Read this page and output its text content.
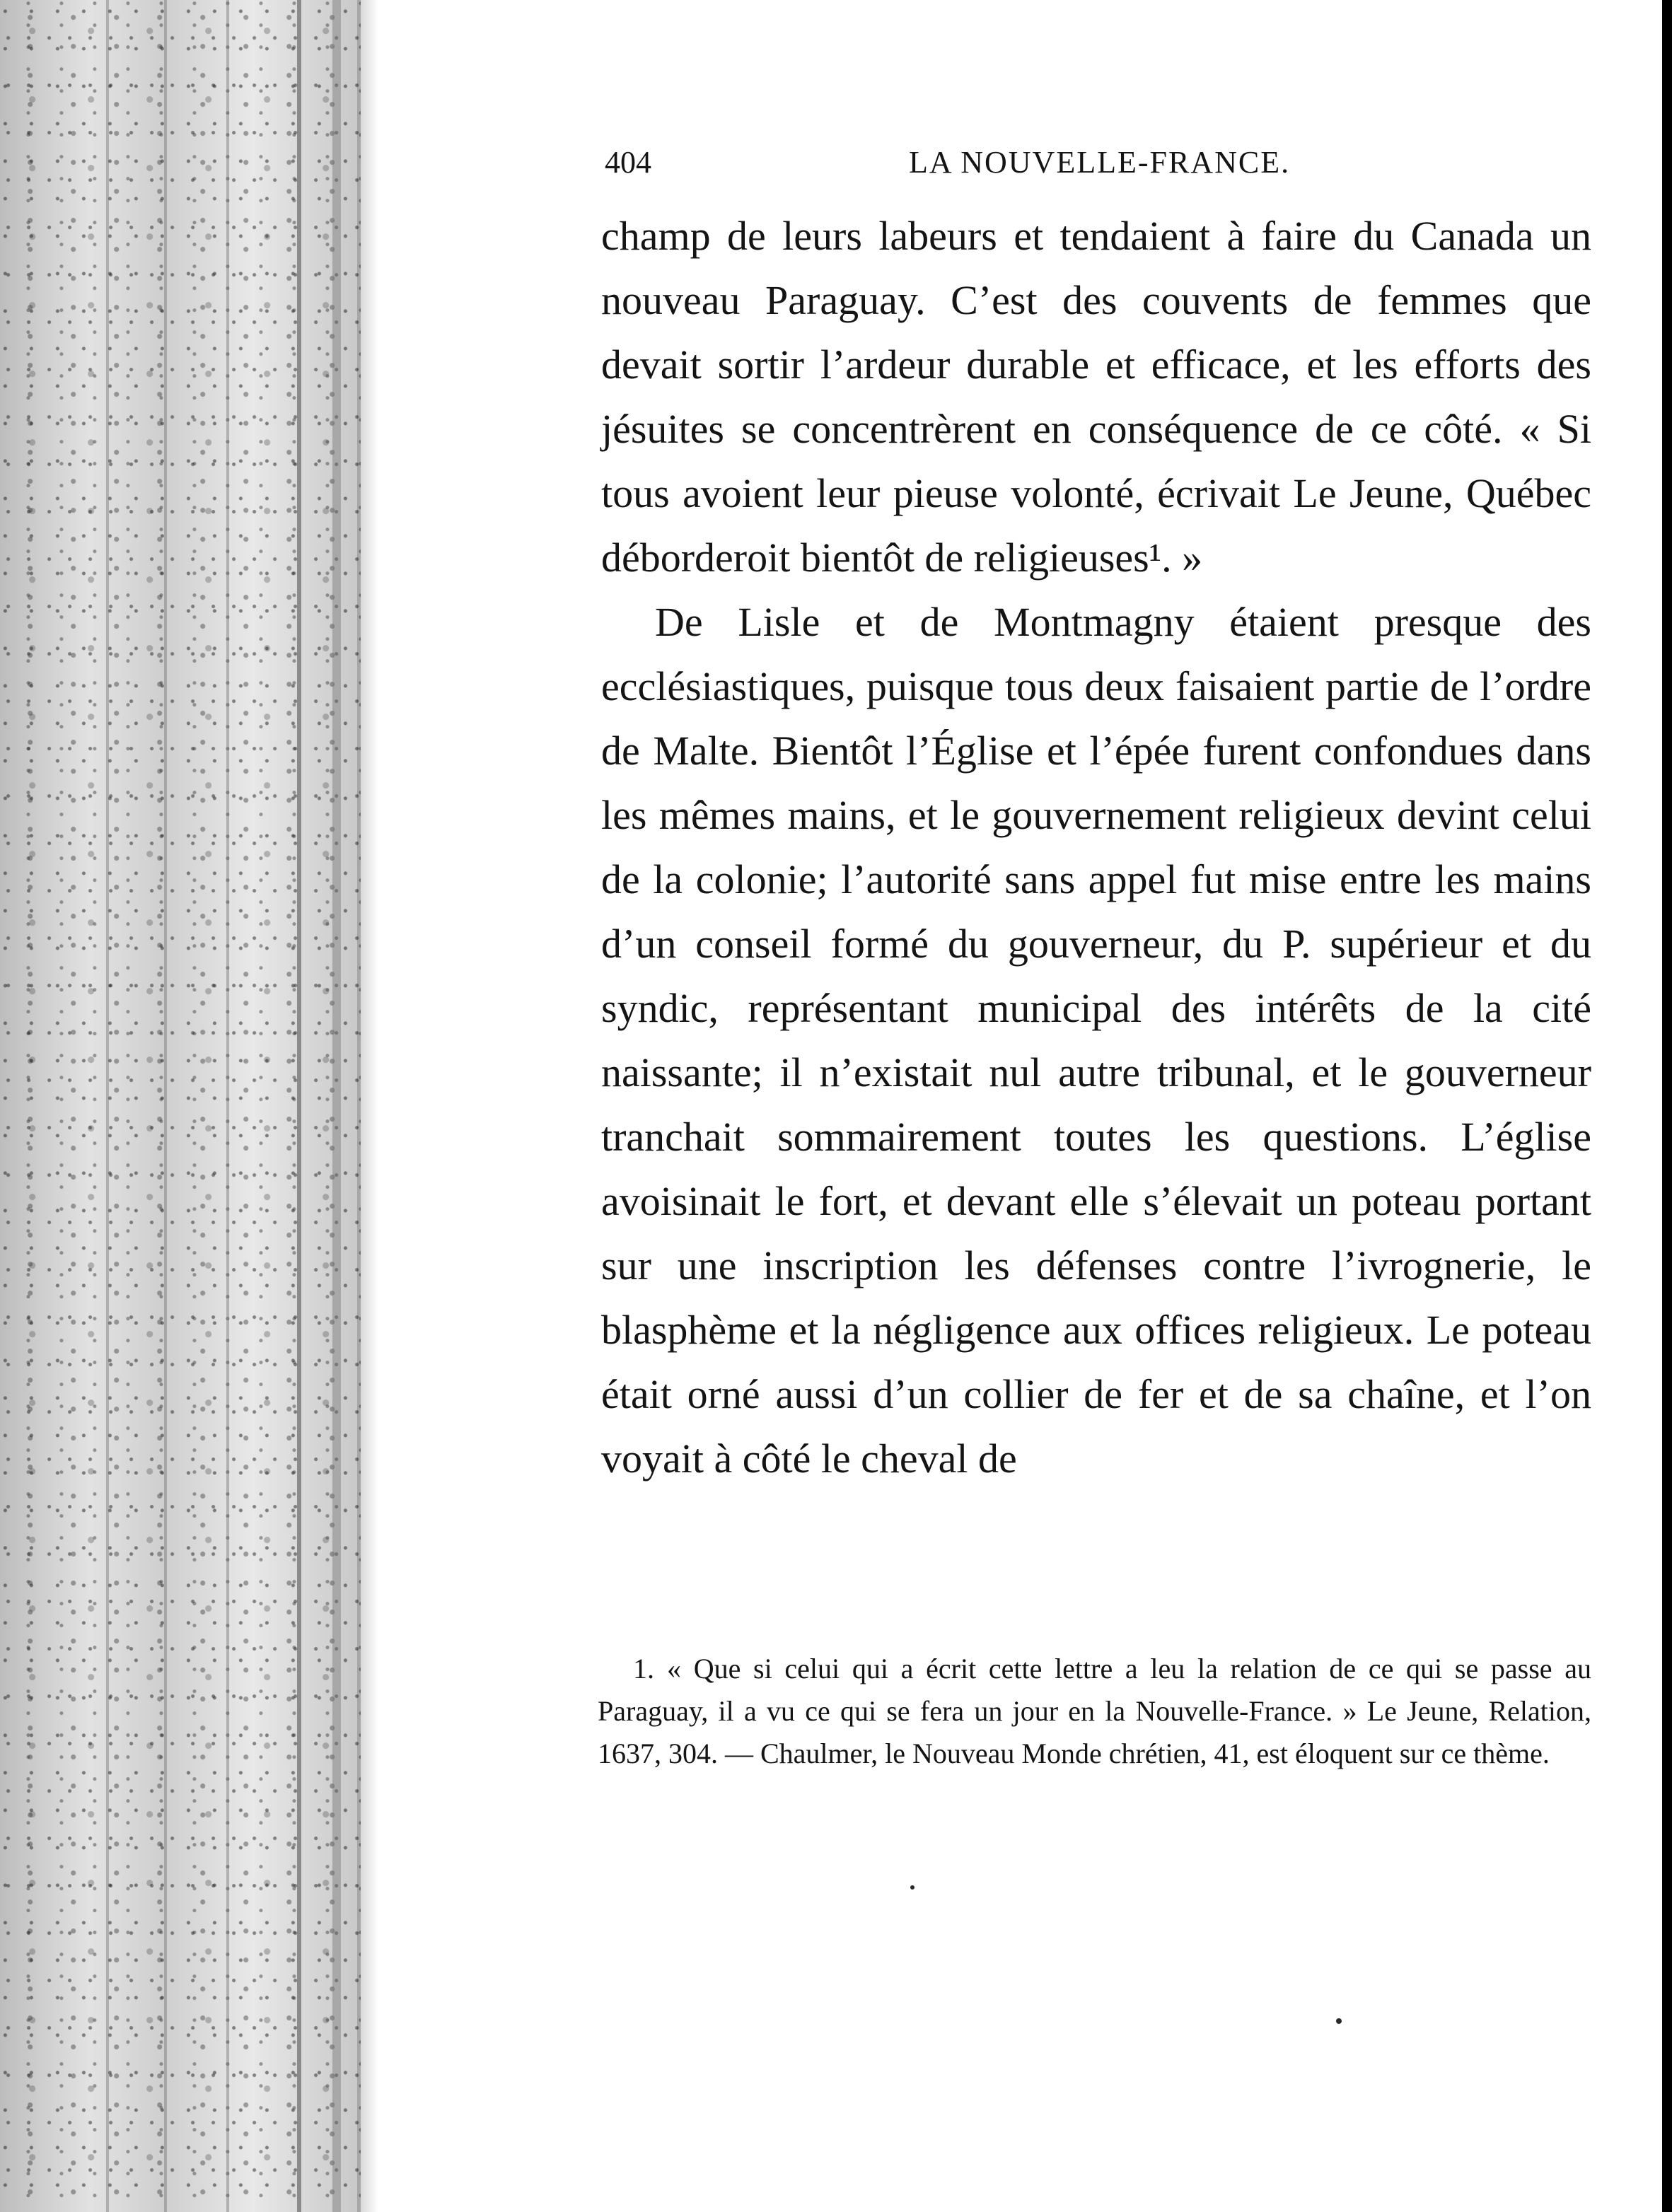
404	LA NOUVELLE-FRANCE.

champ de leurs labeurs et tendaient à faire du Canada un nouveau Paraguay. C’est des couvents de femmes que devait sortir l’ardeur durable et efficace, et les efforts des jésuites se concentrèrent en conséquence de ce côté. « Si tous avoient leur pieuse volonté, écrivait Le Jeune, Québec déborderoit bientôt de religieuses¹. »

De Lisle et de Montmagny étaient presque des ecclésiastiques, puisque tous deux faisaient partie de l’ordre de Malte. Bientôt l’Église et l’épée furent confondues dans les mêmes mains, et le gouvernement religieux devint celui de la colonie; l’autorité sans appel fut mise entre les mains d’un conseil formé du gouverneur, du P. supérieur et du syndic, représentant municipal des intérêts de la cité naissante; il n’existait nul autre tribunal, et le gouverneur tranchait sommairement toutes les questions. L’église avoisinait le fort, et devant elle s’élevait un poteau portant sur une inscription les défenses contre l’ivrognerie, le blasphème et la négligence aux offices religieux. Le poteau était orné aussi d’un collier de fer et de sa chaîne, et l’on voyait à côté le cheval de

1. « Que si celui qui a écrit cette lettre a leu la relation de ce qui se passe au Paraguay, il a vu ce qui se fera un jour en la Nouvelle-France. » Le Jeune, Relation, 1637, 304. — Chaulmer, le Nouveau Monde chrétien, 41, est éloquent sur ce thème.
